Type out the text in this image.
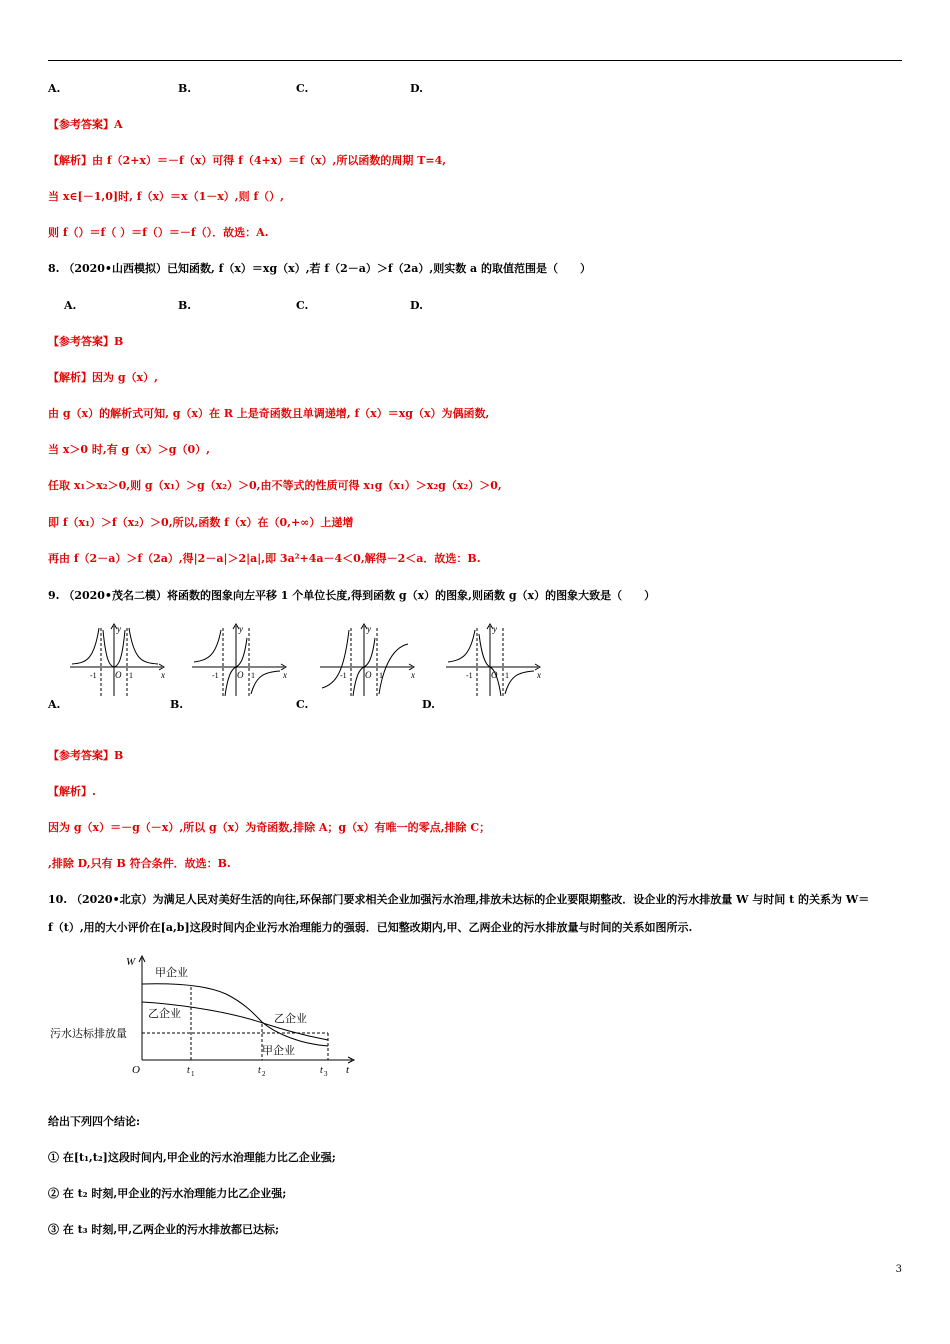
A.	B.	C.	D.
【参考答案】A
【解析】由 f（2+x）＝－f（x）可得 f（4+x）＝f（x）,所以函数的周期 T=4,
当 x∈[－1,0]时, f（x）＝x（1－x）,则 f（）,
则 f（）＝f（ ）＝f（）＝－f（）．故选：A.
8. （2020•山西模拟）已知函数, f（x）＝xg（x）,若 f（2－a）＞f（2a）,则实数 a 的取值范围是（　　）
A.	B.	C.	D.
【参考答案】B
【解析】因为 g（x）,
由 g（x）的解析式可知, g（x）在 R 上是奇函数且单调递增, f（x）＝xg（x）为偶函数,
当 x＞0 时,有 g（x）＞g（0）,
任取 x₁＞x₂＞0,则 g（x₁）＞g（x₂）＞0,由不等式的性质可得 x₁g（x₁）＞x₂g（x₂）＞0,
即 f（x₁）＞f（x₂）＞0,所以,函数 f（x）在（0,+∞）上递增
再由 f（2－a）＞f（2a）,得|2－a|＞2|a|,即 3a²+4a－4＜0,解得－2＜a．故选：B.
9. （2020•茂名二模）将函数的图象向左平移 1 个单位长度,得到函数 g（x）的图象,则函数 g（x）的图象大致是（　　）
y
x
O
-1	1
A.
y
x
O
-1	1
B.
y
x
O
-1	1
C.
y
x
O
-1	1
D.
【参考答案】B
【解析】.
因为 g（x）＝－g（－x）,所以 g（x）为奇函数,排除 A；g（x）有唯一的零点,排除 C；
,排除 D,只有 B 符合条件．故选：B.
10. （2020•北京）为满足人民对美好生活的向往,环保部门要求相关企业加强污水治理,排放未达标的企业要限期整改．设企业的污水排放量 W 与时间 t 的关系为 W＝
f（t）,用的大小评价在[a,b]这段时间内企业污水治理能力的强弱．已知整改期内,甲、乙两企业的污水排放量与时间的关系如图所示.
W
t
O
甲企业
乙企业	乙企业
甲企业
污水达标排放量
t 1	t 2	t 3
给出下列四个结论:
① 在[t₁,t₂]这段时间内,甲企业的污水治理能力比乙企业强;
② 在 t₂ 时刻,甲企业的污水治理能力比乙企业强;
③ 在 t₃ 时刻,甲,乙两企业的污水排放都已达标;
3
